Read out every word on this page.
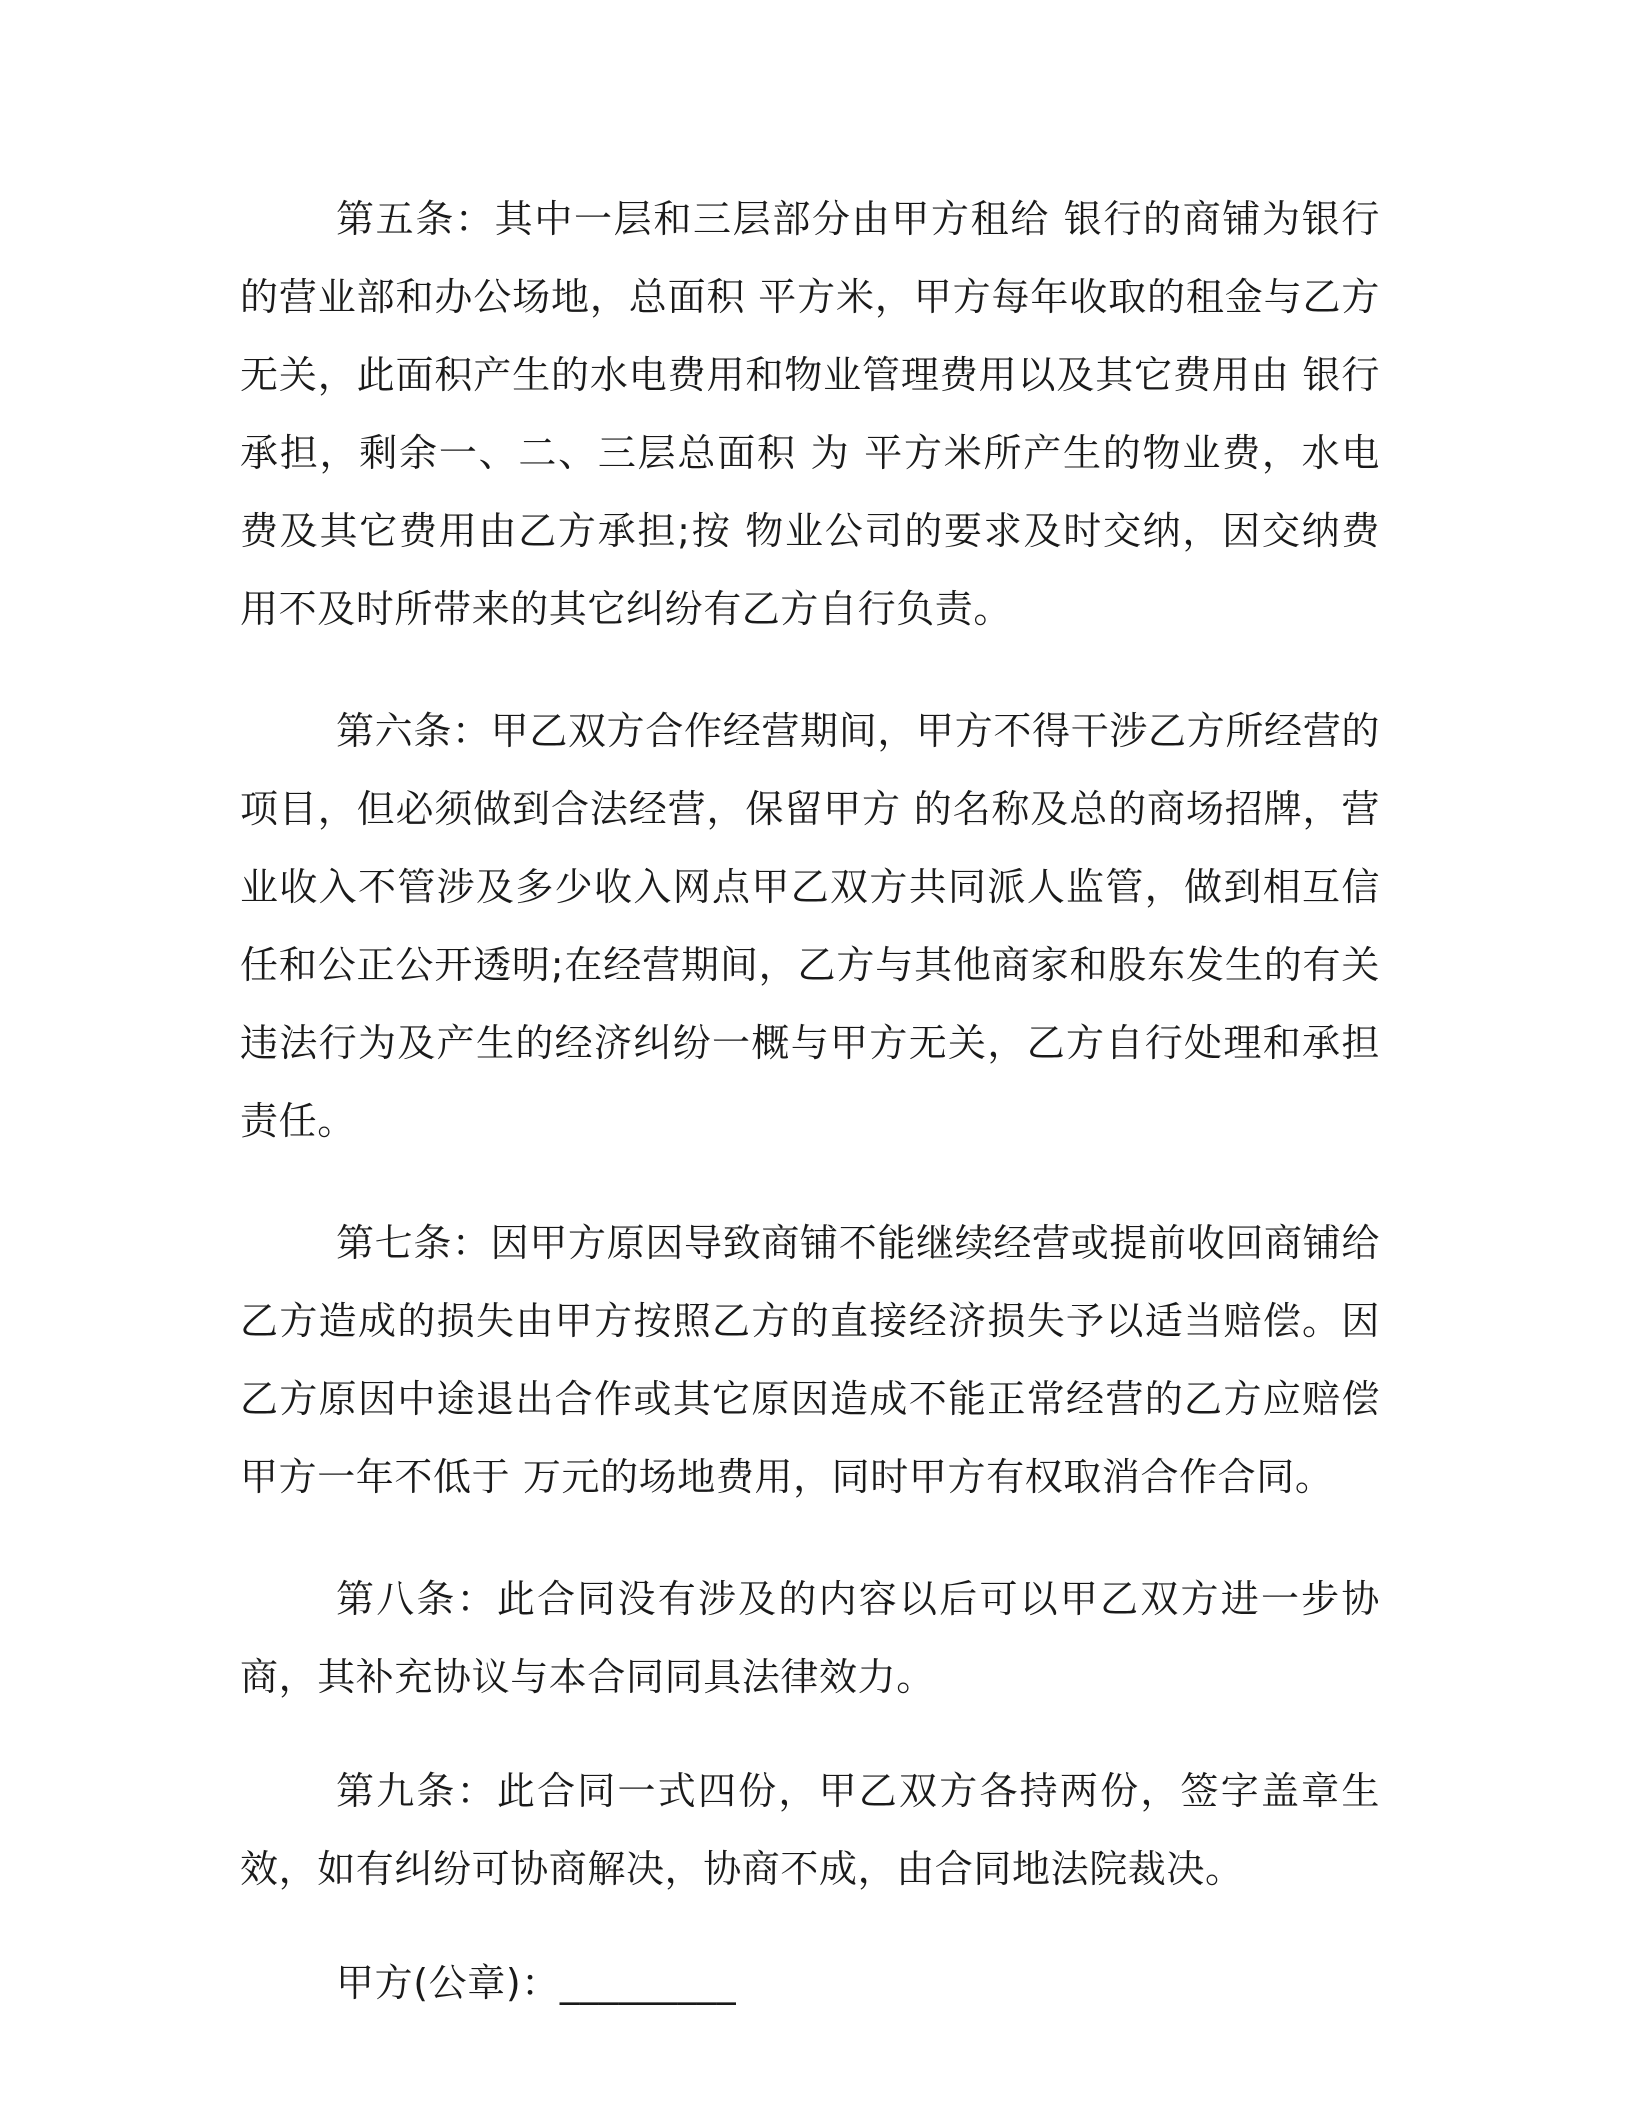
第五条：其中一层和三层部分由甲方租给 银行的商铺为银行的营业部和办公场地，总面积 平方米，甲方每年收取的租金与乙方无关，此面积产生的水电费用和物业管理费用以及其它费用由 银行承担，剩余一、二、三层总面积 为 平方米所产生的物业费，水电费及其它费用由乙方承担;按 物业公司的要求及时交纳，因交纳费用不及时所带来的其它纠纷有乙方自行负责。

第六条：甲乙双方合作经营期间，甲方不得干涉乙方所经营的项目，但必须做到合法经营，保留甲方 的名称及总的商场招牌，营业收入不管涉及多少收入网点甲乙双方共同派人监管，做到相互信任和公正公开透明;在经营期间，乙方与其他商家和股东发生的有关违法行为及产生的经济纠纷一概与甲方无关，乙方自行处理和承担责任。

第七条：因甲方原因导致商铺不能继续经营或提前收回商铺给乙方造成的损失由甲方按照乙方的直接经济损失予以适当赔偿。因乙方原因中途退出合作或其它原因造成不能正常经营的乙方应赔偿甲方一年不低于 万元的场地费用，同时甲方有权取消合作合同。

第八条：此合同没有涉及的内容以后可以甲乙双方进一步协商，其补充协议与本合同同具法律效力。

第九条：此合同一式四份，甲乙双方各持两份，签字盖章生效，如有纠纷可协商解决，协商不成，由合同地法院裁决。

甲方(公章)：_________
